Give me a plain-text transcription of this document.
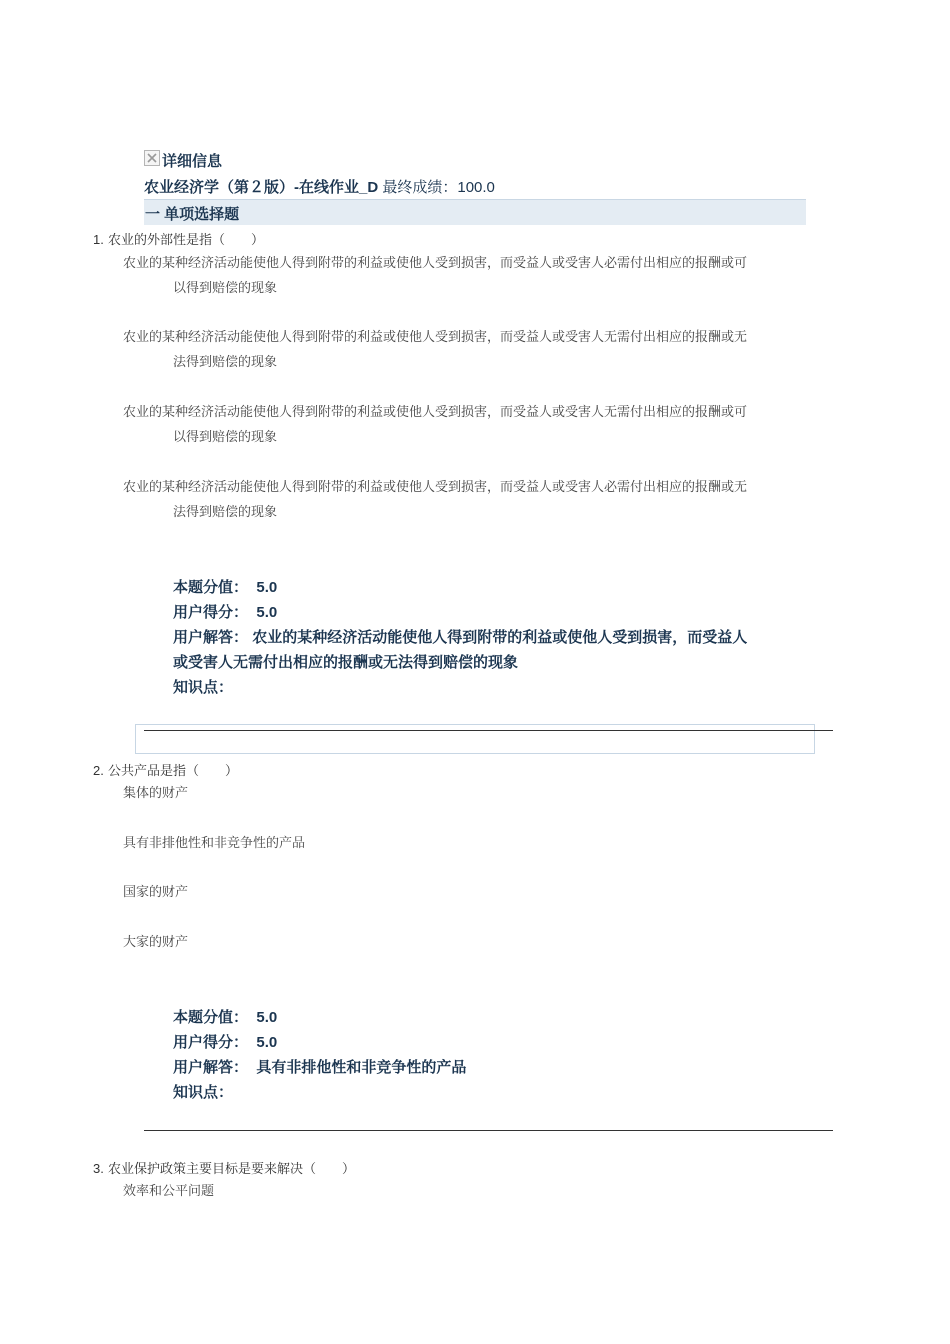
详细信息
农业经济学（第２版）-在线作业_D 最终成绩：100.0
一 单项选择题
1. 农业的外部性是指（　　）
农业的某种经济活动能使他人得到附带的利益或使他人受到损害，而受益人或受害人必需付出相应的报酬或可
以得到赔偿的现象
农业的某种经济活动能使他人得到附带的利益或使他人受到损害，而受益人或受害人无需付出相应的报酬或无
法得到赔偿的现象
农业的某种经济活动能使他人得到附带的利益或使他人受到损害，而受益人或受害人无需付出相应的报酬或可
以得到赔偿的现象
农业的某种经济活动能使他人得到附带的利益或使他人受到损害，而受益人或受害人必需付出相应的报酬或无
法得到赔偿的现象
本题分值： 5.0
用户得分： 5.0
用户解答： 农业的某种经济活动能使他人得到附带的利益或使他人受到损害，而受益人
或受害人无需付出相应的报酬或无法得到赔偿的现象
知识点：
2. 公共产品是指（　　）
集体的财产
具有非排他性和非竞争性的产品
国家的财产
大家的财产
本题分值： 5.0
用户得分： 5.0
用户解答： 具有非排他性和非竞争性的产品
知识点：
3. 农业保护政策主要目标是要来解决（　　）
效率和公平问题
